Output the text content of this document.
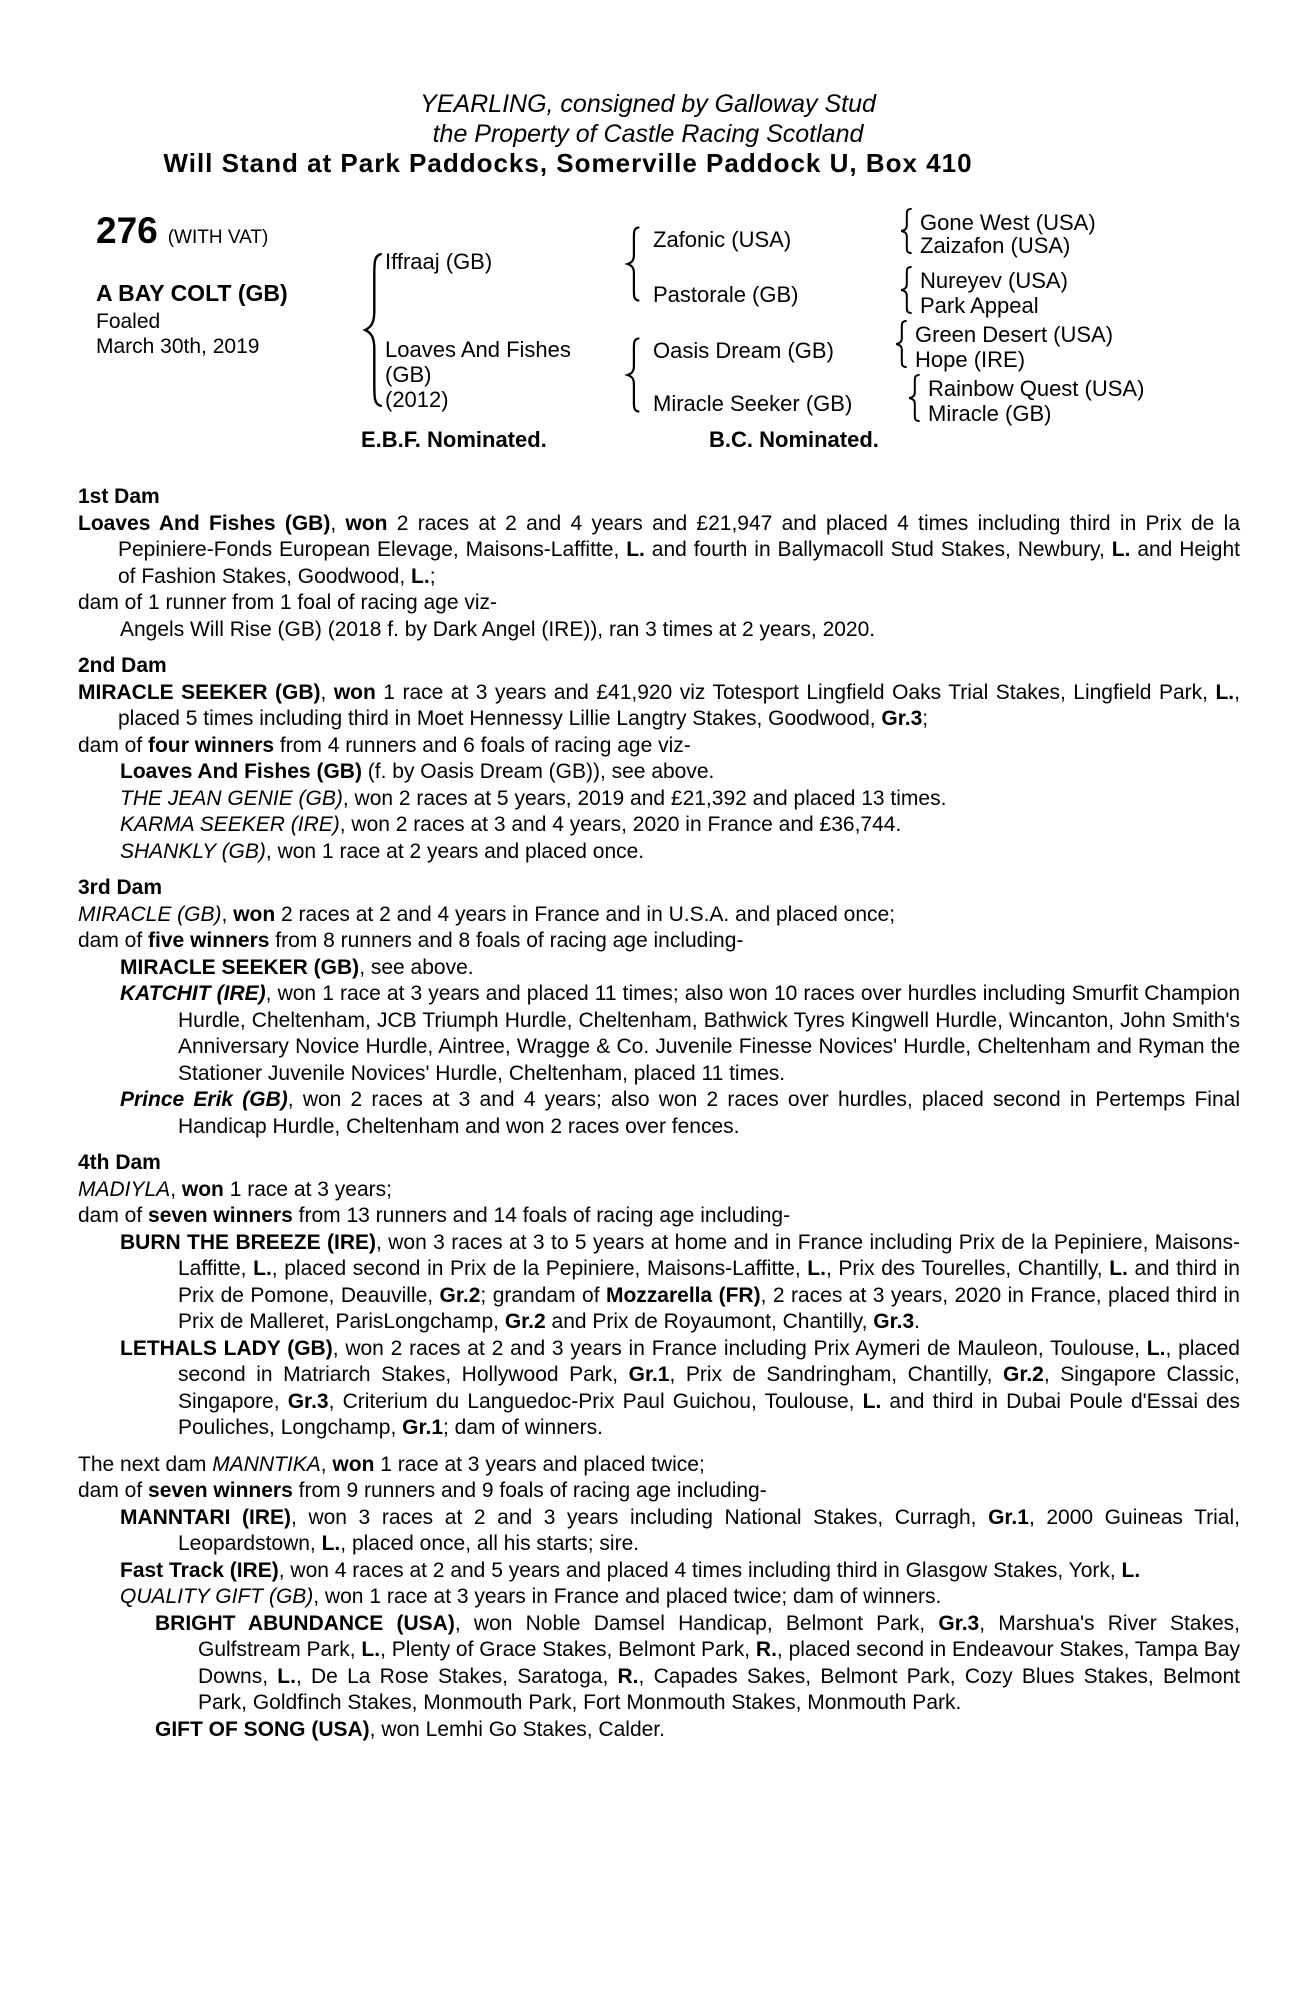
YEARLING, consigned by Galloway Stud
the Property of Castle Racing Scotland
Will Stand at Park Paddocks, Somerville Paddock U, Box 410
276 (WITH VAT)
A BAY COLT (GB)
Foaled
March 30th, 2019
Iffraaj (GB)
Loaves And Fishes
(GB)
(2012)
Zafonic (USA)
Pastorale (GB)
Oasis Dream (GB)
Miracle Seeker (GB)
Gone West (USA)
Zaizafon (USA)
Nureyev (USA)
Park Appeal
Green Desert (USA)
Hope (IRE)
Rainbow Quest (USA)
Miracle (GB)
E.B.F. Nominated.	B.C. Nominated.
1st Dam
Loaves And Fishes (GB), won 2 races at 2 and 4 years and £21,947 and placed 4 times including third in Prix de la Pepiniere-Fonds European Elevage, Maisons-Laffitte, L. and fourth in Ballymacoll Stud Stakes, Newbury, L. and Height of Fashion Stakes, Goodwood, L.;
dam of 1 runner from 1 foal of racing age viz-
Angels Will Rise (GB) (2018 f. by Dark Angel (IRE)), ran 3 times at 2 years, 2020.
2nd Dam
MIRACLE SEEKER (GB), won 1 race at 3 years and £41,920 viz Totesport Lingfield Oaks Trial Stakes, Lingfield Park, L., placed 5 times including third in Moet Hennessy Lillie Langtry Stakes, Goodwood, Gr.3;
dam of four winners from 4 runners and 6 foals of racing age viz-
Loaves And Fishes (GB) (f. by Oasis Dream (GB)), see above.
THE JEAN GENIE (GB), won 2 races at 5 years, 2019 and £21,392 and placed 13 times.
KARMA SEEKER (IRE), won 2 races at 3 and 4 years, 2020 in France and £36,744.
SHANKLY (GB), won 1 race at 2 years and placed once.
3rd Dam
MIRACLE (GB), won 2 races at 2 and 4 years in France and in U.S.A. and placed once;
dam of five winners from 8 runners and 8 foals of racing age including-
MIRACLE SEEKER (GB), see above.
KATCHIT (IRE), won 1 race at 3 years and placed 11 times; also won 10 races over hurdles including Smurfit Champion Hurdle, Cheltenham, JCB Triumph Hurdle, Cheltenham, Bathwick Tyres Kingwell Hurdle, Wincanton, John Smith's Anniversary Novice Hurdle, Aintree, Wragge & Co. Juvenile Finesse Novices' Hurdle, Cheltenham and Ryman the Stationer Juvenile Novices' Hurdle, Cheltenham, placed 11 times.
Prince Erik (GB), won 2 races at 3 and 4 years; also won 2 races over hurdles, placed second in Pertemps Final Handicap Hurdle, Cheltenham and won 2 races over fences.
4th Dam
MADIYLA, won 1 race at 3 years;
dam of seven winners from 13 runners and 14 foals of racing age including-
BURN THE BREEZE (IRE), won 3 races at 3 to 5 years at home and in France including Prix de la Pepiniere, Maisons-Laffitte, L., placed second in Prix de la Pepiniere, Maisons-Laffitte, L., Prix des Tourelles, Chantilly, L. and third in Prix de Pomone, Deauville, Gr.2; grandam of Mozzarella (FR), 2 races at 3 years, 2020 in France, placed third in Prix de Malleret, ParisLongchamp, Gr.2 and Prix de Royaumont, Chantilly, Gr.3.
LETHALS LADY (GB), won 2 races at 2 and 3 years in France including Prix Aymeri de Mauleon, Toulouse, L., placed second in Matriarch Stakes, Hollywood Park, Gr.1, Prix de Sandringham, Chantilly, Gr.2, Singapore Classic, Singapore, Gr.3, Criterium du Languedoc-Prix Paul Guichou, Toulouse, L. and third in Dubai Poule d'Essai des Pouliches, Longchamp, Gr.1; dam of winners.
The next dam MANNTIKA, won 1 race at 3 years and placed twice;
dam of seven winners from 9 runners and 9 foals of racing age including-
MANNTARI (IRE), won 3 races at 2 and 3 years including National Stakes, Curragh, Gr.1, 2000 Guineas Trial, Leopardstown, L., placed once, all his starts; sire.
Fast Track (IRE), won 4 races at 2 and 5 years and placed 4 times including third in Glasgow Stakes, York, L.
QUALITY GIFT (GB), won 1 race at 3 years in France and placed twice; dam of winners.
BRIGHT ABUNDANCE (USA), won Noble Damsel Handicap, Belmont Park, Gr.3, Marshua's River Stakes, Gulfstream Park, L., Plenty of Grace Stakes, Belmont Park, R., placed second in Endeavour Stakes, Tampa Bay Downs, L., De La Rose Stakes, Saratoga, R., Capades Sakes, Belmont Park, Cozy Blues Stakes, Belmont Park, Goldfinch Stakes, Monmouth Park, Fort Monmouth Stakes, Monmouth Park.
GIFT OF SONG (USA), won Lemhi Go Stakes, Calder.
